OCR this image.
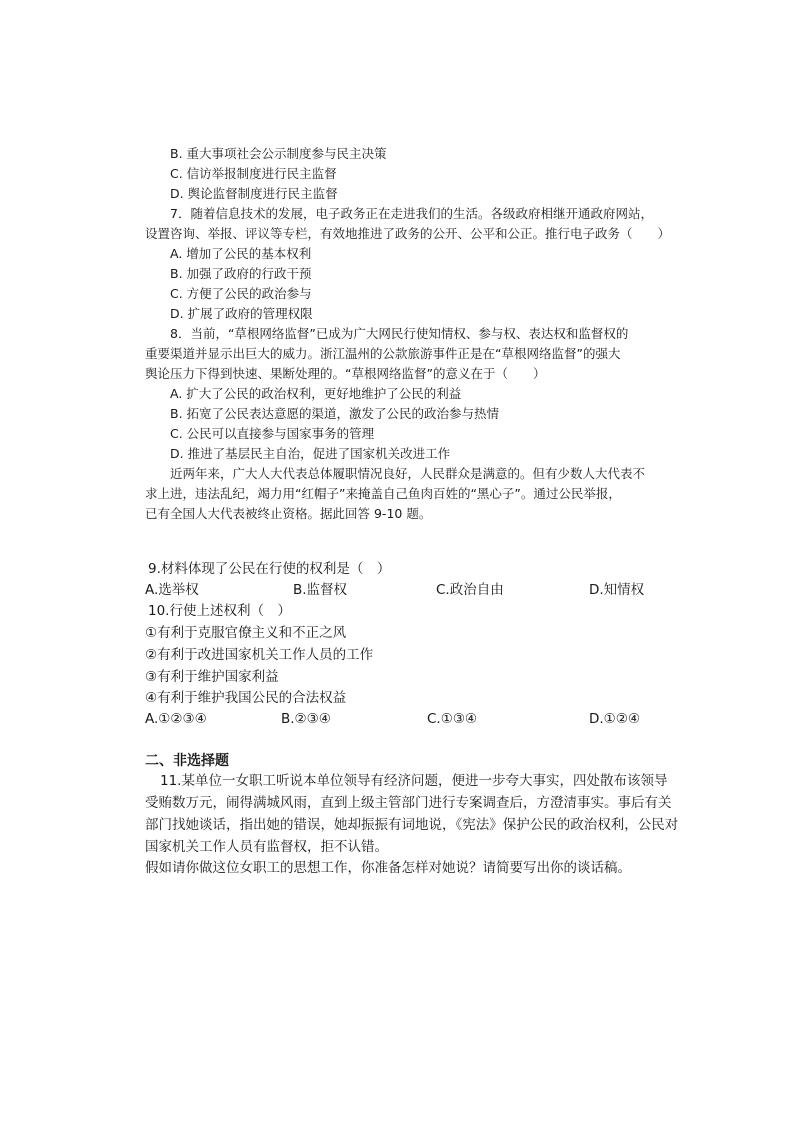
B. 重大事项社会公示制度参与民主决策
C. 信访举报制度进行民主监督
D. 舆论监督制度进行民主监督
7．随着信息技术的发展，电子政务正在走进我们的生活。各级政府相继开通政府网站，
设置咨询、举报、评议等专栏，有效地推进了政务的公开、公平和公正。推行电子政务（　　）
A. 增加了公民的基本权利
B. 加强了政府的行政干预
C. 方便了公民的政治参与
D. 扩展了政府的管理权限
8．当前，“草根网络监督”已成为广大网民行使知情权、参与权、表达权和监督权的
重要渠道并显示出巨大的威力。浙江温州的公款旅游事件正是在“草根网络监督”的强大
舆论压力下得到快速、果断处理的。“草根网络监督”的意义在于（　　）
A. 扩大了公民的政治权利，更好地维护了公民的利益
B. 拓宽了公民表达意愿的渠道，激发了公民的政治参与热情
C. 公民可以直接参与国家事务的管理
D. 推进了基层民主自治，促进了国家机关改进工作
近两年来，广大人大代表总体履职情况良好，人民群众是满意的。但有少数人大代表不
求上进，违法乱纪，竭力用“红帽子”来掩盖自己鱼肉百姓的“黑心子”。通过公民举报，
已有全国人大代表被终止资格。据此回答 9-10 题。
9.材料体现了公民在行使的权利是（　）
A.选举权	B.监督权	C.政治自由	D.知情权
10.行使上述权利（　）
①有利于克服官僚主义和不正之风
②有利于改进国家机关工作人员的工作
③有利于维护国家利益
④有利于维护我国公民的合法权益
A.①②③④	B.②③④	C.①③④	D.①②④
二、非选择题
11.某单位一女职工听说本单位领导有经济问题，便进一步夸大事实，四处散布该领导
受贿数万元，闹得满城风雨，直到上级主管部门进行专案调查后，方澄清事实。事后有关
部门找她谈话，指出她的错误，她却振振有词地说，《宪法》保护公民的政治权利，公民对
国家机关工作人员有监督权，拒不认错。
假如请你做这位女职工的思想工作，你准备怎样对她说？请简要写出你的谈话稿。
